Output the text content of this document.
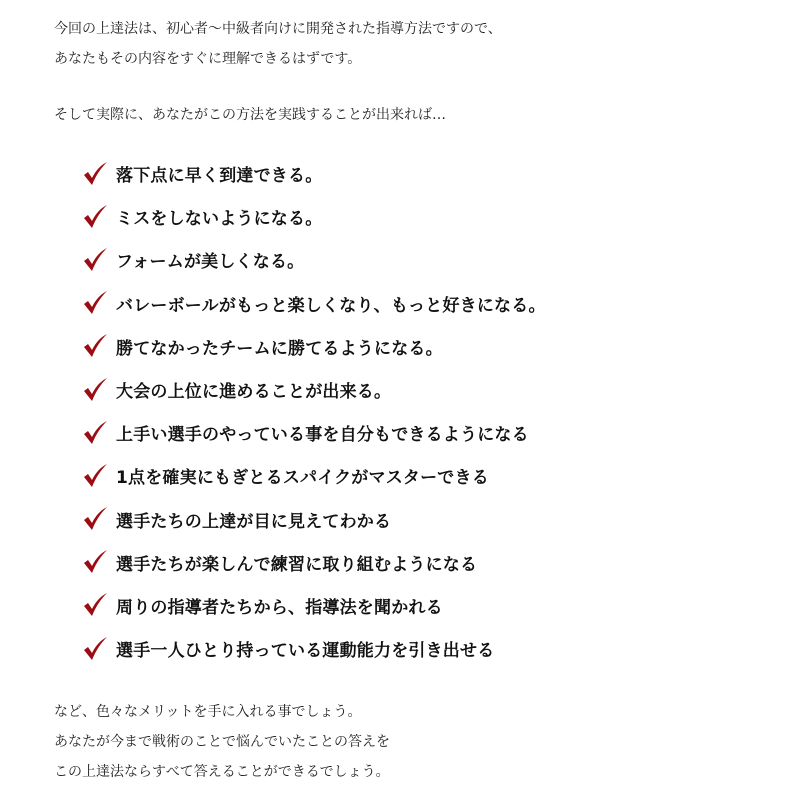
今回の上達法は、初心者〜中級者向けに開発された指導方法ですので、
あなたもその内容をすぐに理解できるはずです。
そして実際に、あなたがこの方法を実践することが出来れば…
落下点に早く到達できる。
ミスをしないようになる。
フォームが美しくなる。
バレーボールがもっと楽しくなり、もっと好きになる。
勝てなかったチームに勝てるようになる。
大会の上位に進めることが出来る。
上手い選手のやっている事を自分もできるようになる
1点を確実にもぎとるスパイクがマスターできる
選手たちの上達が目に見えてわかる
選手たちが楽しんで練習に取り組むようになる
周りの指導者たちから、指導法を聞かれる
選手一人ひとり持っている運動能力を引き出せる
など、色々なメリットを手に入れる事でしょう。
あなたが今まで戦術のことで悩んでいたことの答えを
この上達法ならすべて答えることができるでしょう。
